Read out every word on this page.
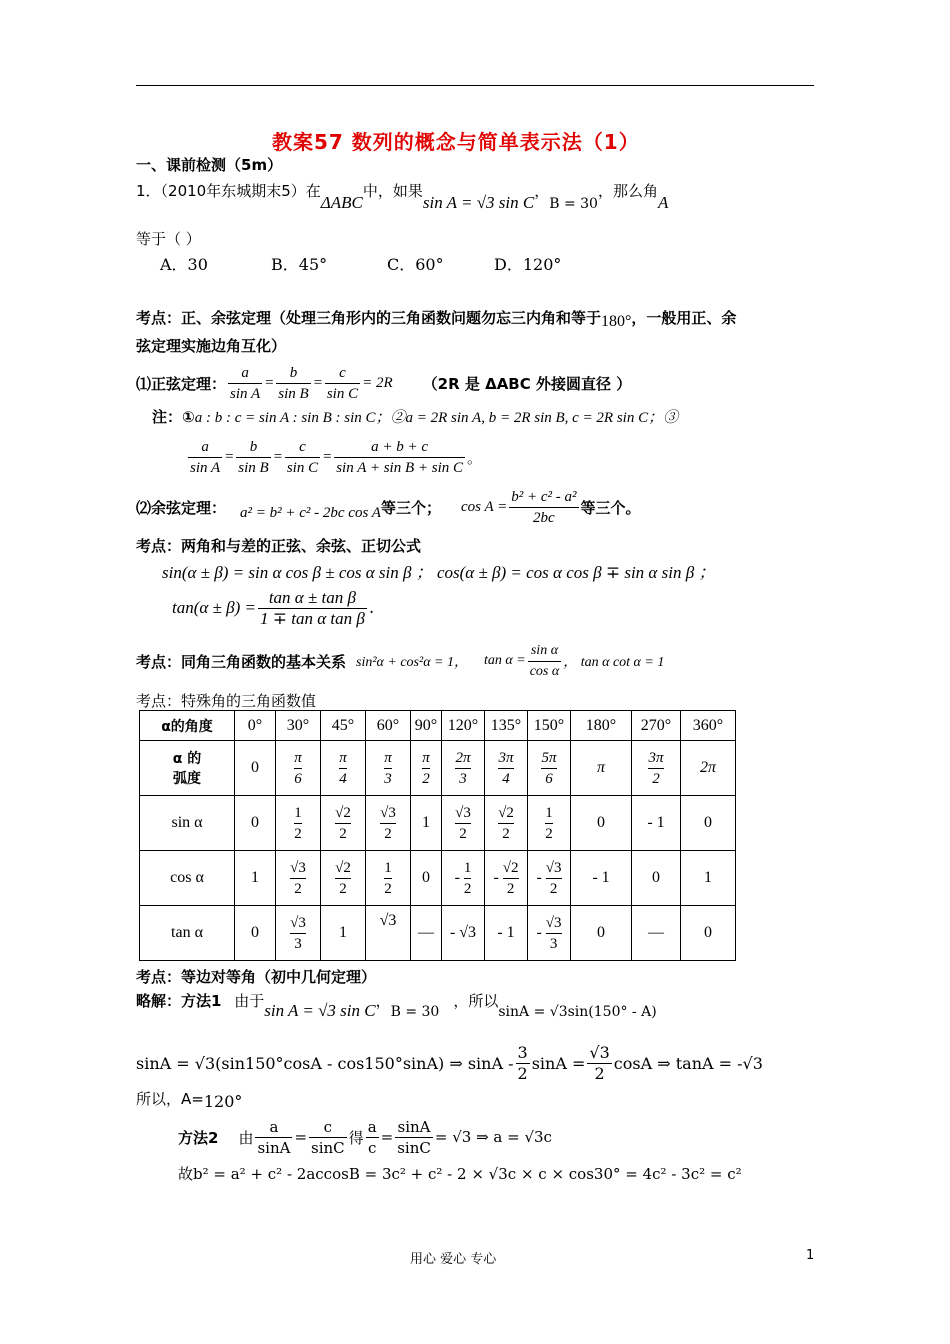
教案57 数列的概念与简单表示法（1）
一、课前检测（5m）
1．（2010年东城期末5）在ΔABC中，如果sin A = √3 sin C，B = 30，那么角A
等于（ ）
A．30	B．45°	C．60°	D．120°
考点：正、余弦定理（处理三角形内的三角函数问题勿忘三内角和等于180°，一般用正、余
弦定理实施边角互化）
⑴正弦定理： $\frac{a}{\text{sin A}} = \frac{b}{\text{sin B}} = \frac{c}{\text{sin C}} = 2R$ （2R 是 ΔABC 外接圆直径 ）
注：①a : b : c = sin A : sin B : sin C；②a = 2R sin A, b = 2R sin B, c = 2R sin C；③
$\frac{a}{\text{sin A}} = \frac{b}{\text{sin B}} = \frac{c}{\text{sin C}} = \frac{a + b + c}{\text{sin A + sin B + sin C}}$ 。
⑵余弦定理： a² = b² + c² - 2bc cos A 等三个； $\cos A = \frac{\text{b² + c² - a²}}{2bc}$ 等三个。
考点：两角和与差的正弦、余弦、正切公式
sin(α ± β) = sin α cos β ± cos α sin β ； cos(α ± β) = cos α cos β ∓ sin α sin β ；
$\tan(\alpha \pm \beta) = \frac{\text{tan α ± tan β}}{\text{1 ∓ tan α tan β}}$ .
考点：同角三角函数的基本关系 sin²α + cos²α = 1， $\tan \alpha = \frac{\text{sin α}}{\text{cos α}}$ ， tan α cot α = 1
考点：特殊角的三角函数值
α的角度	0°	30°	45°	60°	90°	120°	135°	150°	180°	270°	360°
α 的
弧度	0	$\frac{\pi}{6}$	$\frac{\pi}{4}$	$\frac{\pi}{3}$	$\frac{\pi}{2}$	$\frac{2\pi}{3}$	$\frac{3\pi}{4}$	$\frac{5\pi}{6}$	π	$\frac{3\pi}{2}$	2π
sin α	0	$\frac{1}{2}$	$\frac{√2}{2}$	$\frac{√3}{2}$	1	$\frac{√3}{2}$	$\frac{√2}{2}$	$\frac{1}{2}$	0	- 1	0
cos α	1	$\frac{√3}{2}$	$\frac{√2}{2}$	$\frac{1}{2}$	0	- $\frac{1}{2}$	- $\frac{√2}{2}$	- $\frac{√3}{2}$	- 1	0	1
tan α	0	$\frac{√3}{3}$	1	√3	—	- √3	- 1	- $\frac{√3}{3}$	0	—	0
考点：等边对等角（初中几何定理）
略解：方法1 由于sin A = √3 sin C，B = 30，所以sinA = √3sin(150° - A)
sinA = √3(sin150°cosA - cos150°sinA) ⇒ sinA - $\frac{3}{2}$ $\sin A = \frac{√3}{2}$ cosA ⇒ tanA = -√3
所以，A=120°
方法2 由 $\frac{a}{\sin A} = \frac{c}{\sin C}$ 得 $\frac{a}{c} = \frac{\sin A}{\sin C} = √3$ ⇒ a = √3c
故b² = a² + c² - 2accosB = 3c² + c² - 2 × √3c × c × cos30° = 4c² - 3c² = c²
用心 爱心 专心	1
